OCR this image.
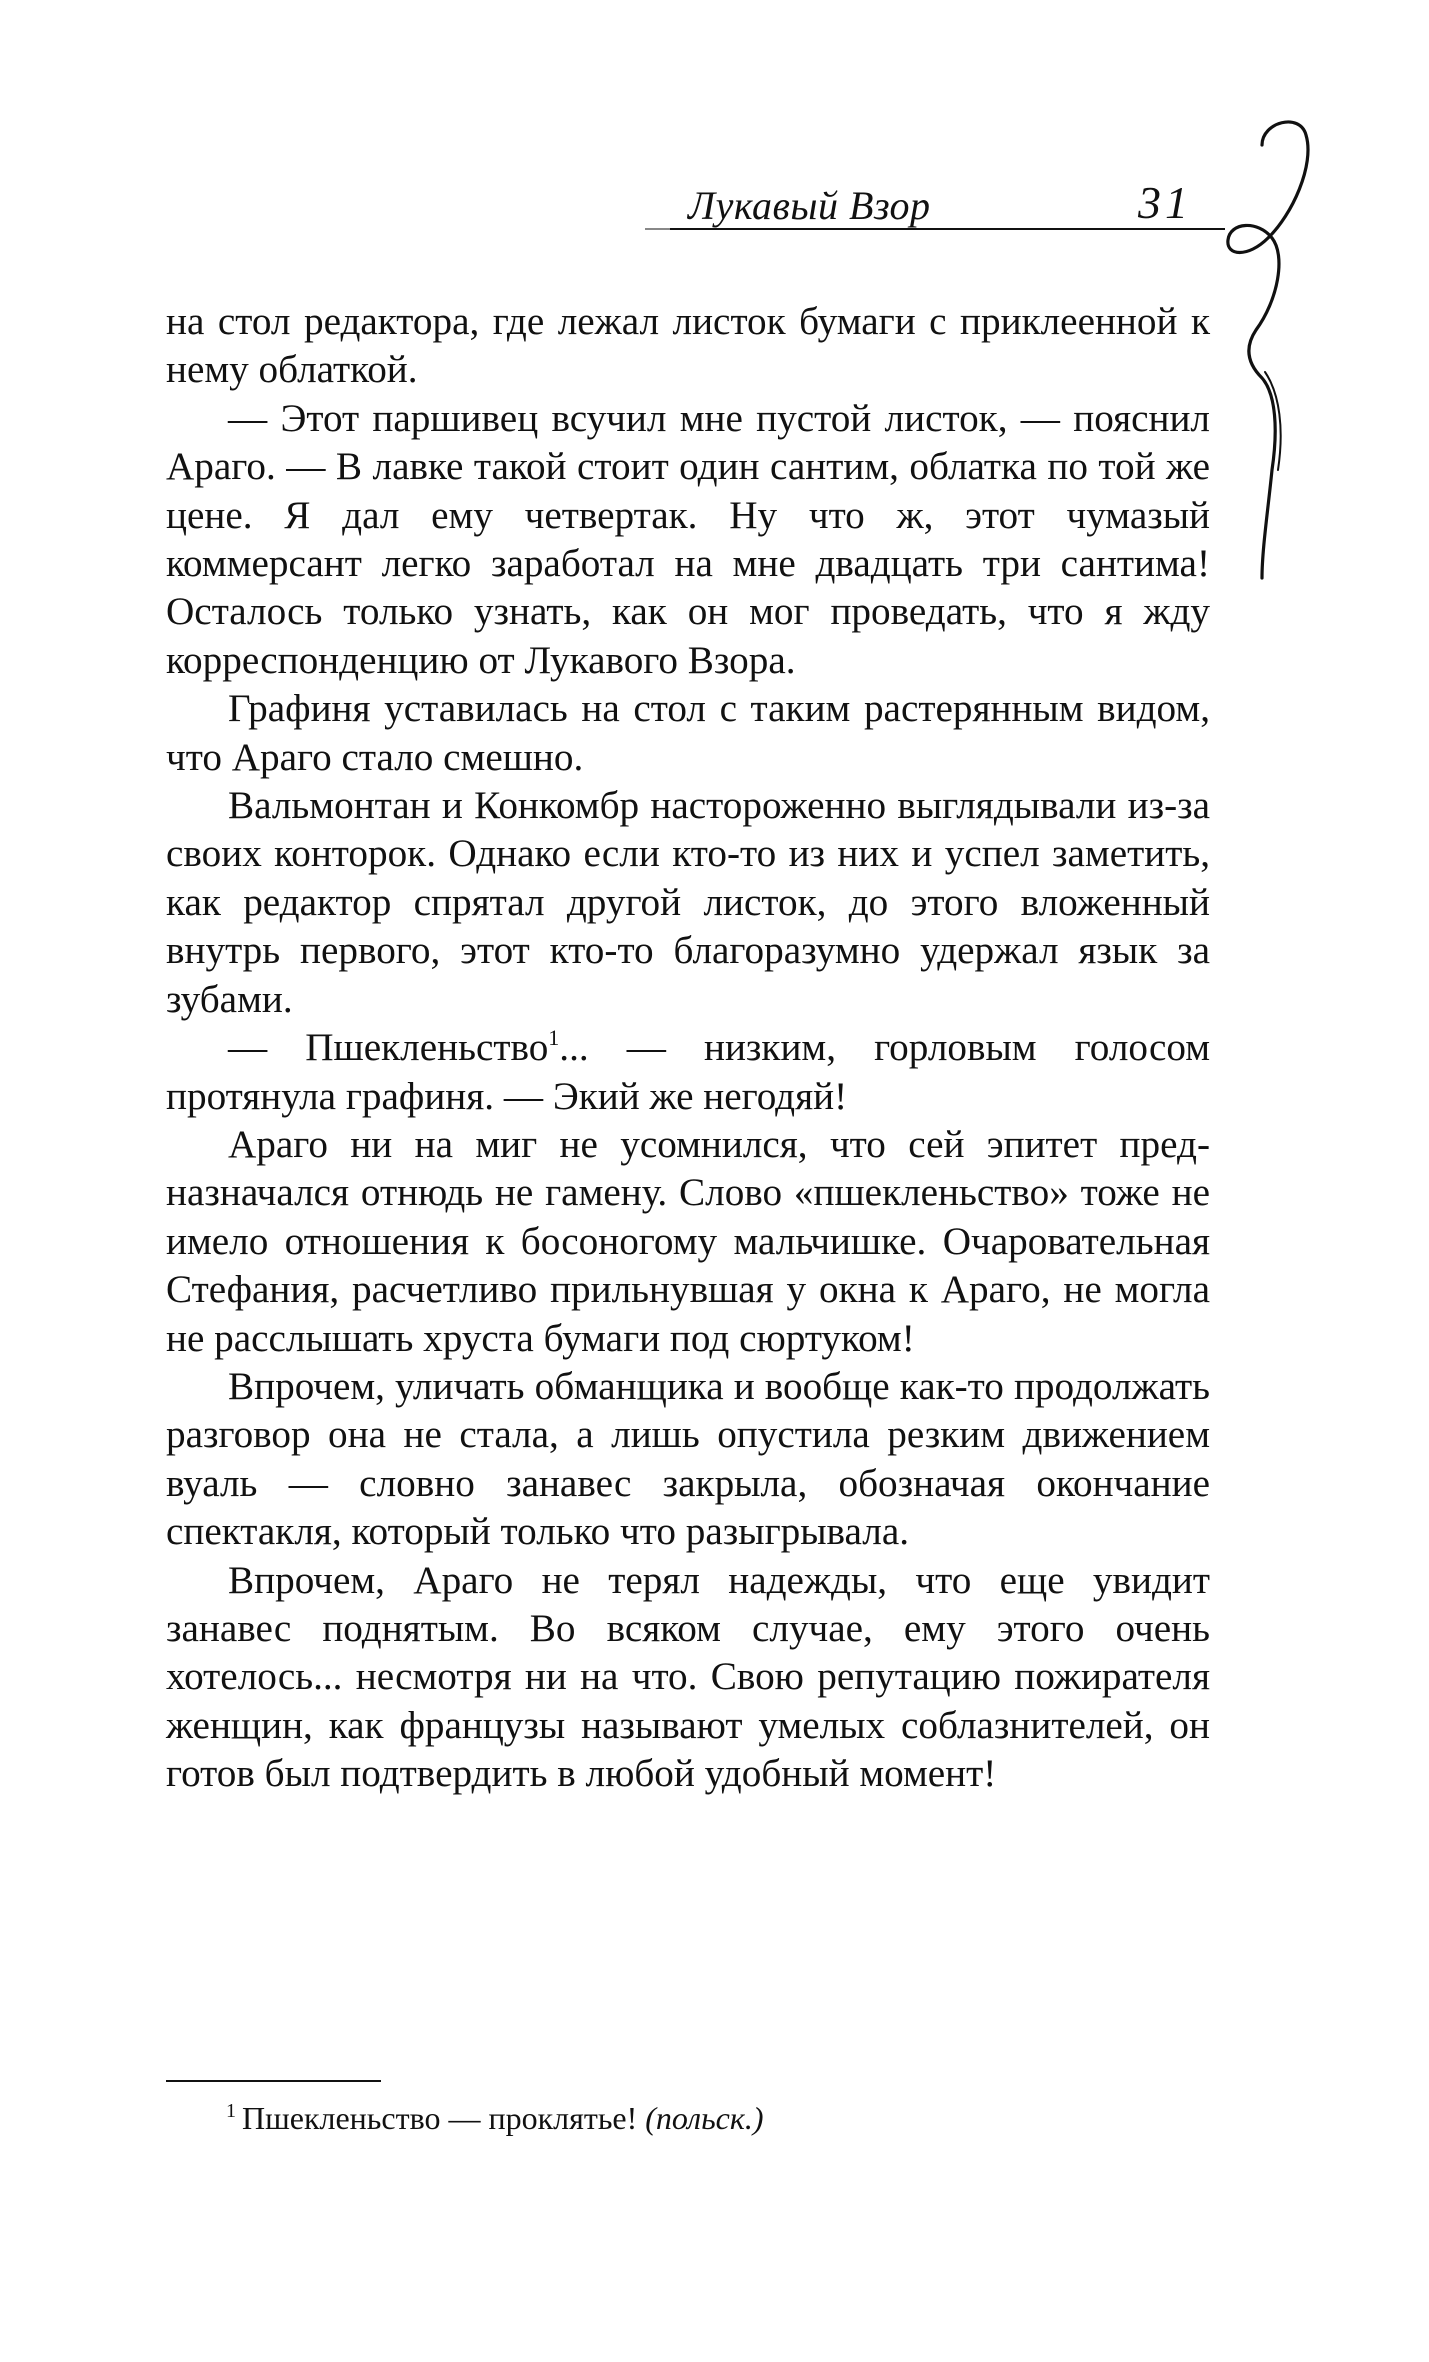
Лукавый Взор	31

на стол редактора, где лежал листок бумаги с приклеенной к нему облаткой.

— Этот паршивец всучил мне пустой листок, — пояснил Араго. — В лавке такой стоит один сантим, облатка по той же цене. Я дал ему четвертак. Ну что ж, этот чумазый коммерсант легко заработал на мне двадцать три сантима! Осталось только узнать, как он мог проведать, что я жду корреспонденцию от Лукавого Взора.

Графиня уставилась на стол с таким растерянным видом, что Араго стало смешно.

Вальмонтан и Конкомбр настороженно выглядывали из-за своих конторок. Однако если кто-то из них и успел заметить, как редактор спрятал другой листок, до этого вложенный внутрь первого, этот кто-то благоразумно удержал язык за зубами.

— Пшекленьство$^1$... — низким, горловым голосом протянула графиня. — Экий же негодяй!

Араго ни на миг не усомнился, что сей эпитет предназначался отнюдь не гамену. Слово «пшекленьство» тоже не имело отношения к босоногому мальчишке. Очаровательная Стефания, расчетливо прильнувшая у окна к Араго, не могла не расслышать хруста бумаги под сюртуком!

Впрочем, уличать обманщика и вообще как-то продолжать разговор она не стала, а лишь опустила резким движением вуаль — словно занавес закрыла, обозначая окончание спектакля, который только что разыгрывала.

Впрочем, Араго не терял надежды, что еще увидит занавес поднятым. Во всяком случае, ему этого очень хотелось... несмотря ни на что. Свою репутацию пожирателя женщин, как французы называют умелых соблазнителей, он готов был подтвердить в любой удобный момент!

$^1$ Пшекленьство — проклятье! (польск.)
